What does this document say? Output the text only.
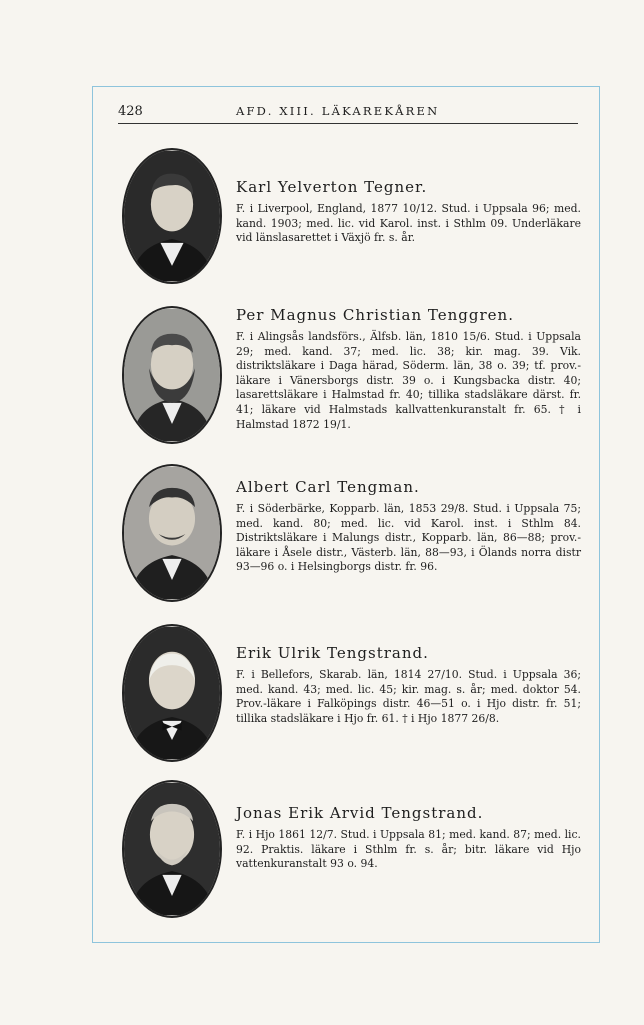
428	AFD. XIII. LÄKAREKÅREN
Karl Yelverton Tegner.

F. i Liverpool, England, 1877 10/12. Stud. i Uppsala 96; med. kand. 1903; med. lic. vid Karol. inst. i Sthlm 09. Underläkare vid länslasarettet i Växjö fr. s. år.

Per Magnus Christian Tenggren.

F. i Alingsås landsförs., Älfsb. län, 1810 15/6. Stud. i Uppsala 29; med. kand. 37; med. lic. 38; kir. mag. 39. Vik. distriktsläkare i Daga härad, Söderm. län, 38 o. 39; tf. prov.-läkare i Vänersborgs distr. 39 o. i Kungsbacka distr. 40; lasarettsläkare i Halmstad fr. 40; tillika stadsläkare därst. fr. 41; läkare vid Halmstads kallvattenkuranstalt fr. 65. † i Halmstad 1872 19/1.

Albert Carl Tengman.

F. i Söderbärke, Kopparb. län, 1853 29/8. Stud. i Uppsala 75; med. kand. 80; med. lic. vid Karol. inst. i Sthlm 84. Distriktsläkare i Malungs distr., Kopparb. län, 86—88; prov.-läkare i Åsele distr., Västerb. län, 88—93, i Ölands norra distr 93—96 o. i Helsingborgs distr. fr. 96.

Erik Ulrik Tengstrand.

F. i Bellefors, Skarab. län, 1814 27/10. Stud. i Uppsala 36; med. kand. 43; med. lic. 45; kir. mag. s. år; med. doktor 54. Prov.-läkare i Falköpings distr. 46—51 o. i Hjo distr. fr. 51; tillika stadsläkare i Hjo fr. 61. † i Hjo 1877 26/8.

Jonas Erik Arvid Tengstrand.

F. i Hjo 1861 12/7. Stud. i Uppsala 81; med. kand. 87; med. lic. 92. Praktis. läkare i Sthlm fr. s. år; bitr. läkare vid Hjo vattenkuranstalt 93 o. 94.
